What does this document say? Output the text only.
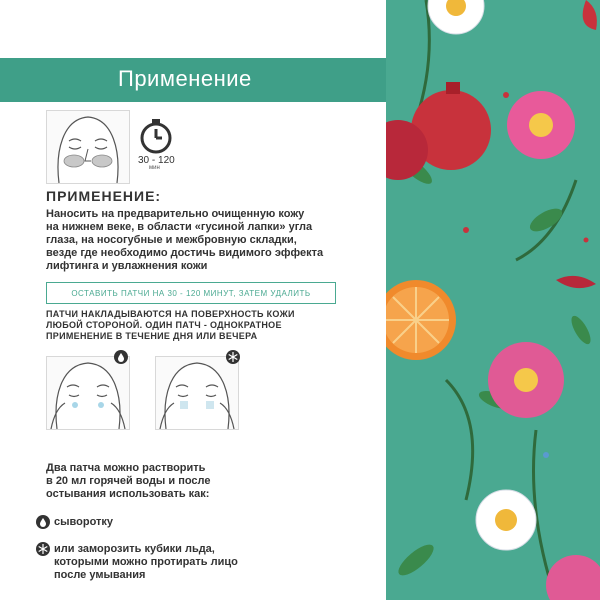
Применение
30 - 120
мин
ПРИМЕНЕНИЕ:
Наносить на предварительно очищенную кожу
на нижнем веке, в области «гусиной лапки» угла
глаза, на носогубные и межбровную складки,
везде где необходимо достичь видимого эффекта
лифтинга и увлажнения кожи
ОСТАВИТЬ ПАТЧИ НА 30 - 120 МИНУТ, ЗАТЕМ УДАЛИТЬ
ПАТЧИ НАКЛАДЫВАЮТСЯ НА ПОВЕРХНОСТЬ КОЖИ
ЛЮБОЙ СТОРОНОЙ. ОДИН ПАТЧ - ОДНОКРАТНОЕ
ПРИМЕНЕНИЕ В ТЕЧЕНИЕ ДНЯ ИЛИ ВЕЧЕРА
Два патча можно растворить
в 20 мл горячей воды и после
остывания использовать как:
сыворотку
или заморозить кубики льда,
которыми можно протирать лицо
после умывания
